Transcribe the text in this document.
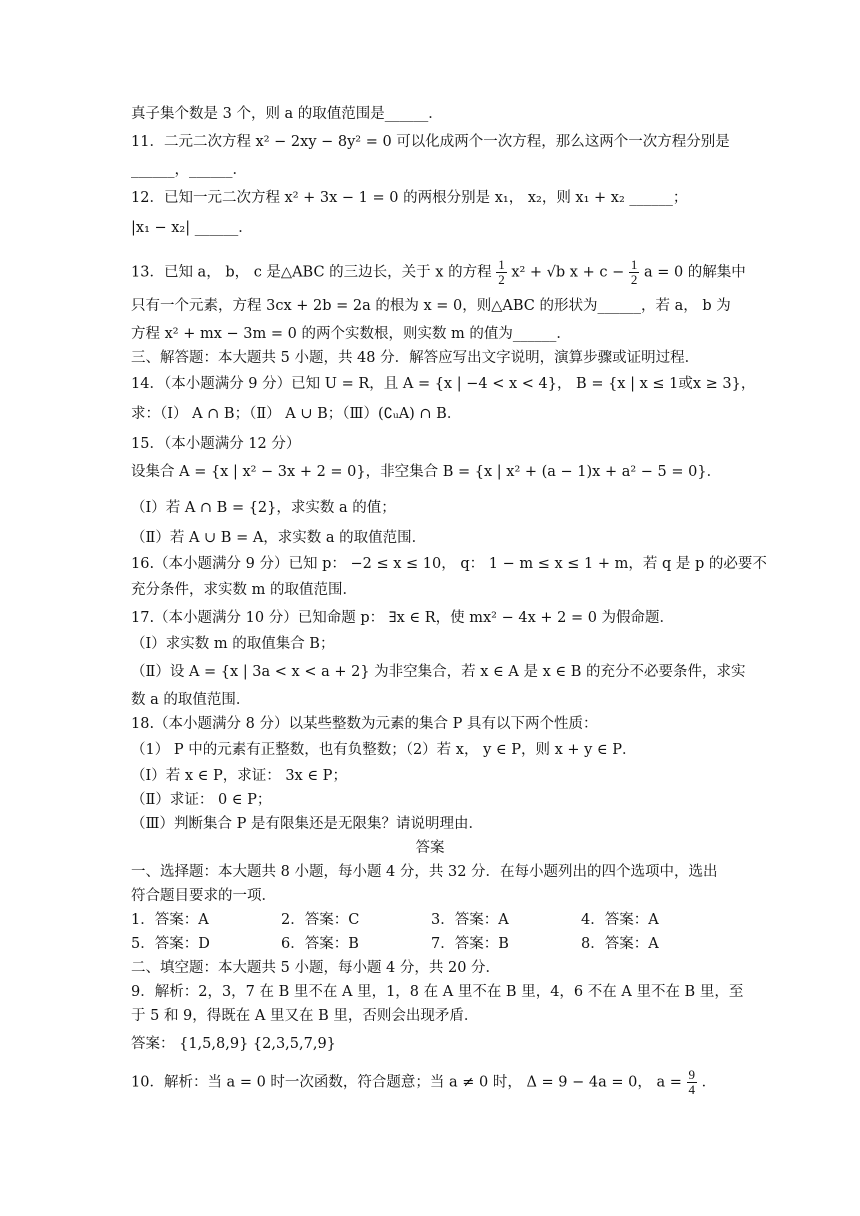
真子集个数是 3 个，则 a 的取值范围是______．
11．二元二次方程 x² − 2xy − 8y² = 0 可以化成两个一次方程，那么这两个一次方程分别是
______，______．
12．已知一元二次方程 x² + 3x − 1 = 0 的两根分别是 x₁， x₂，则 x₁ + x₂ ______；
|x₁ − x₂| ______．
13．已知 a， b， c 是△ABC 的三边长，关于 x 的方程 $\frac{1}{2} x^2 + √b$ $x + c - \frac{1}{2}$ a = 0 的解集中
只有一个元素，方程 3cx + 2b = 2a 的根为 x = 0，则△ABC 的形状为______，若 a， b 为
方程 x² + mx − 3m = 0 的两个实数根，则实数 m 的值为______．
三、解答题：本大题共 5 小题，共 48 分．解答应写出文字说明，演算步骤或证明过程．
14．（本小题满分 9 分）已知 U = R，且 A = {x | −4 < x < 4}， B = {x | x ≤ 1或x ≥ 3}，
求：（Ⅰ） A ∩ B；（Ⅱ） A ∪ B；（Ⅲ）(∁ᵤA) ∩ B．
15．（本小题满分 12 分）
设集合 A = {x | x² − 3x + 2 = 0}，非空集合 B = {x | x² + (a − 1)x + a² − 5 = 0}．
（Ⅰ）若 A ∩ B = {2}，求实数 a 的值；
（Ⅱ）若 A ∪ B = A，求实数 a 的取值范围．
16.（本小题满分 9 分）已知 p： −2 ≤ x ≤ 10， q： 1 − m ≤ x ≤ 1 + m，若 q 是 p 的必要不
充分条件，求实数 m 的取值范围．
17.（本小题满分 10 分）已知命题 p： ∃x ∈ R，使 mx² − 4x + 2 = 0 为假命题．
（Ⅰ）求实数 m 的取值集合 B；
（Ⅱ）设 A = {x | 3a < x < a + 2} 为非空集合，若 x ∈ A 是 x ∈ B 的充分不必要条件，求实
数 a 的取值范围．
18.（本小题满分 8 分）以某些整数为元素的集合 P 具有以下两个性质：
（1） P 中的元素有正整数，也有负整数；（2）若 x， y ∈ P，则 x + y ∈ P．
（Ⅰ）若 x ∈ P，求证： 3x ∈ P；
（Ⅱ）求证： 0 ∈ P；
（Ⅲ）判断集合 P 是有限集还是无限集？请说明理由．
答案
一、选择题：本大题共 8 小题，每小题 4 分，共 32 分．在每小题列出的四个选项中，选出
符合题目要求的一项．
1．答案：A	2．答案：C	3．答案：A	4．答案：A
5．答案：D	6．答案：B	7．答案：B	8．答案：A
二、填空题：本大题共 5 小题，每小题 4 分，共 20 分．
9．解析：2，3，7 在 B 里不在 A 里，1，8 在 A 里不在 B 里，4，6 不在 A 里不在 B 里，至
于 5 和 9，得既在 A 里又在 B 里，否则会出现矛盾．
答案： {1,5,8,9} {2,3,5,7,9}
10．解析：当 a = 0 时一次函数，符合题意；当 a ≠ 0 时， Δ = 9 − 4a = 0， $a = \frac{9}{4}$ ．
